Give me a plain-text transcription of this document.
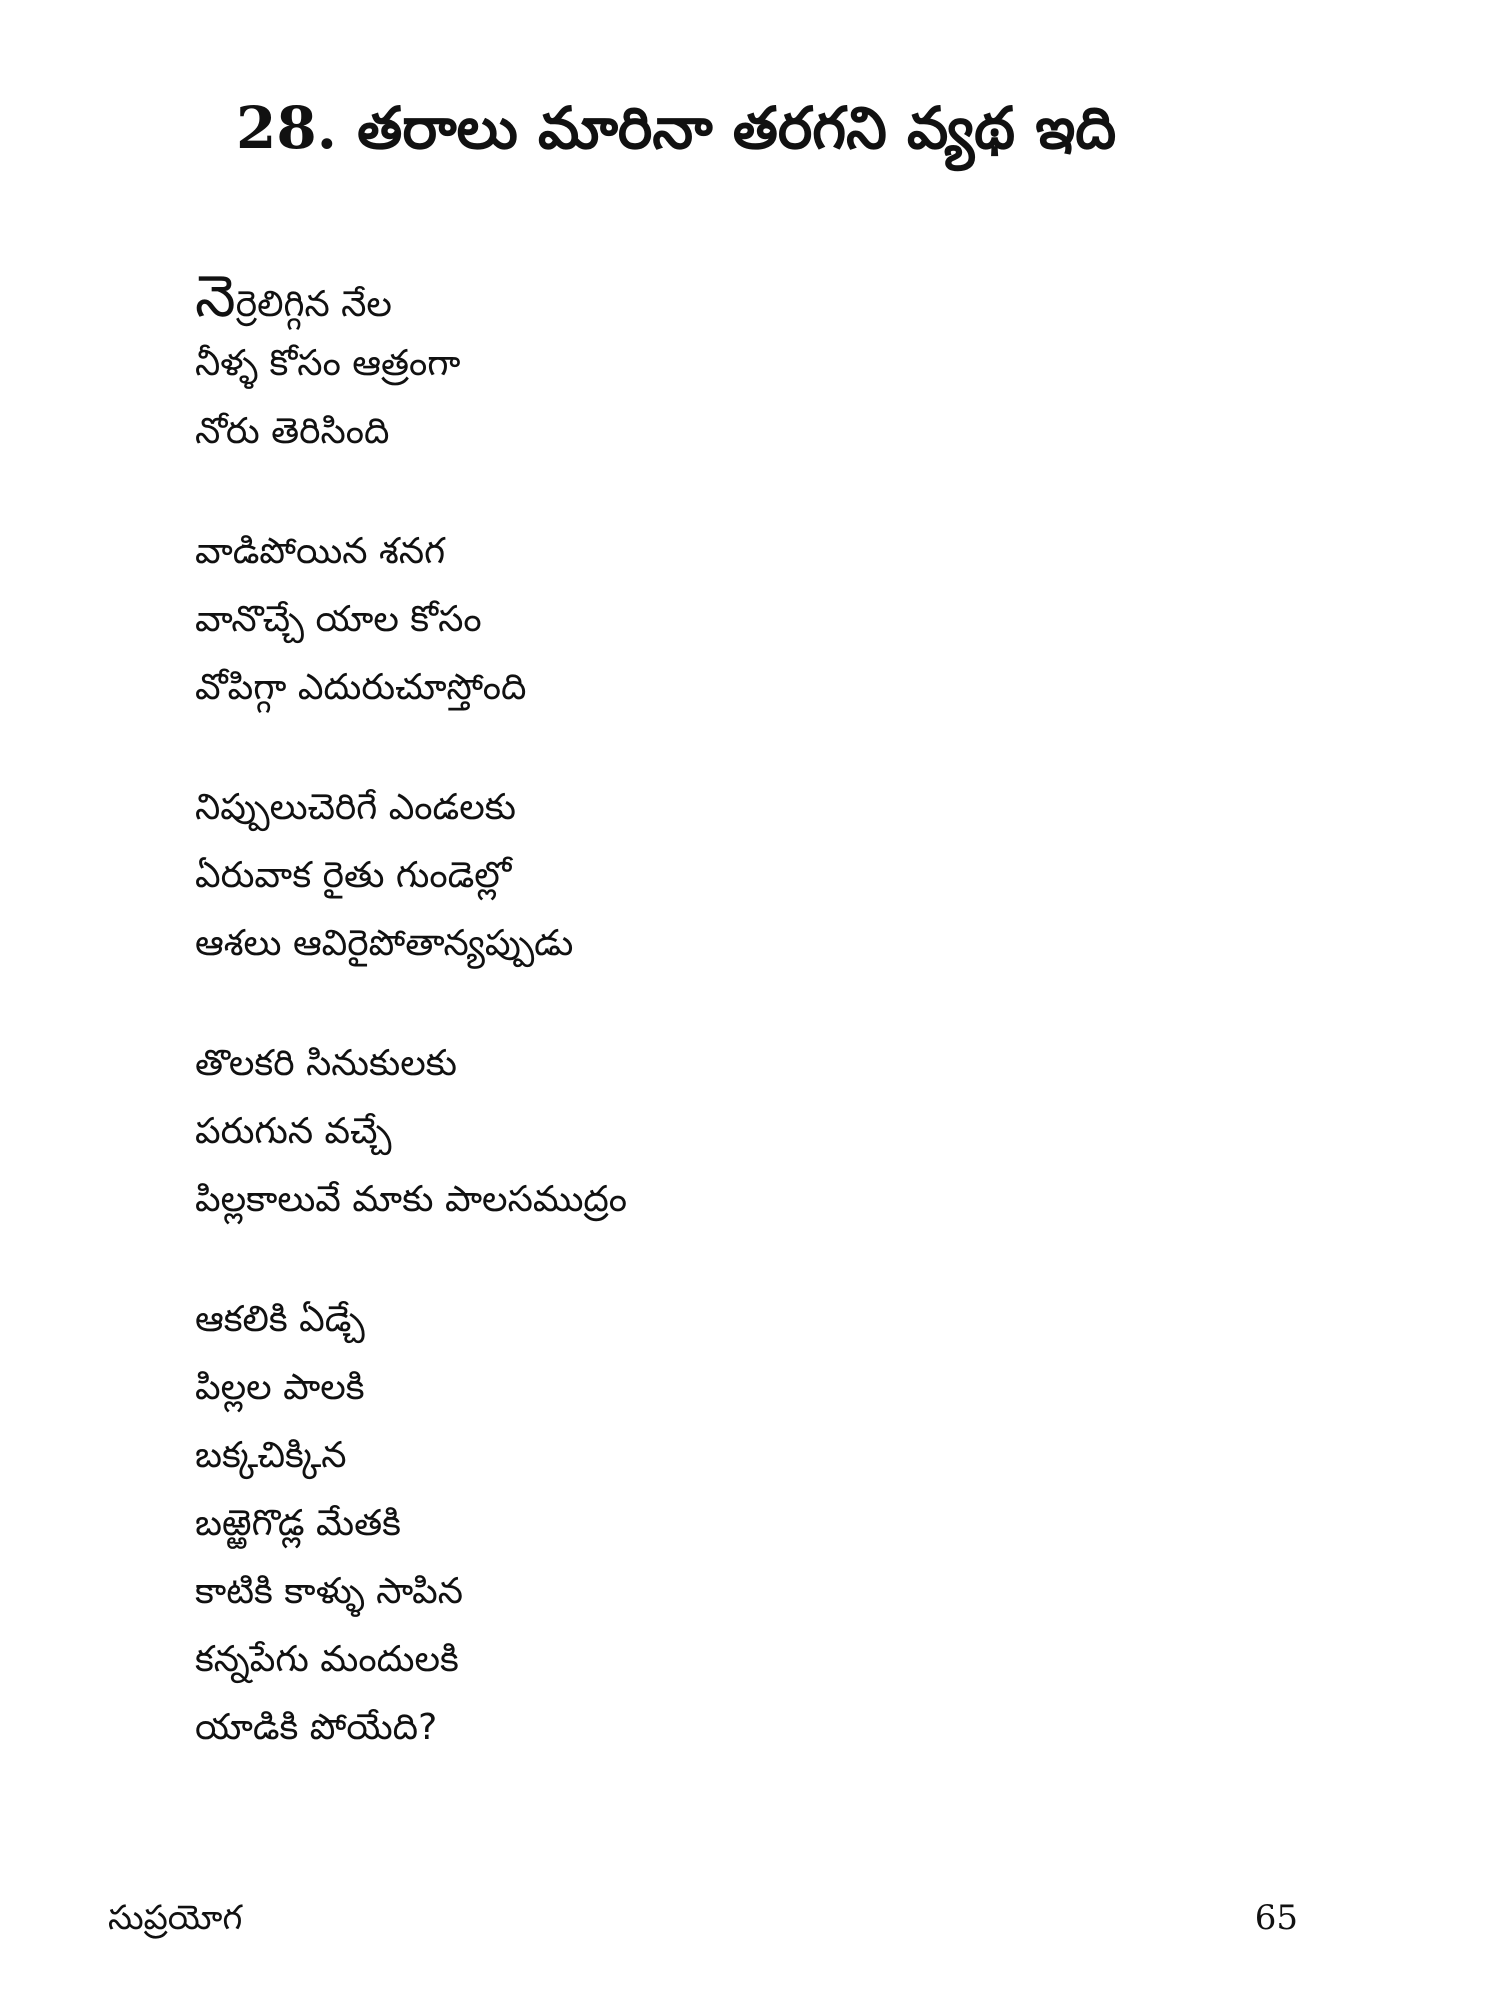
28. తరాలు మారినా తరగని వ్యథ ఇది
నెర్రెలిగ్గిన నేల
నీళ్ళ కోసం ఆత్రంగా
నోరు తెరిసింది
వాడిపోయిన శనగ
వానొచ్చే యాల కోసం
వోపిగ్గా ఎదురుచూస్తోంది
నిప్పులుచెరిగే ఎండలకు
ఏరువాక రైతు గుండెల్లో
ఆశలు ఆవిరైపోతాన్యప్పుడు
తొలకరి సినుకులకు
పరుగున వచ్చే
పిల్లకాలువే మాకు పాలసముద్రం
ఆకలికి ఏడ్చే
పిల్లల పాలకి
బక్కచిక్కిన
బఱ్ఱెగొడ్ల మేతకి
కాటికి కాళ్ళు సాపిన
కన్నపేగు మందులకి
యాడికి పోయేది?
సుప్రయోగ	65
